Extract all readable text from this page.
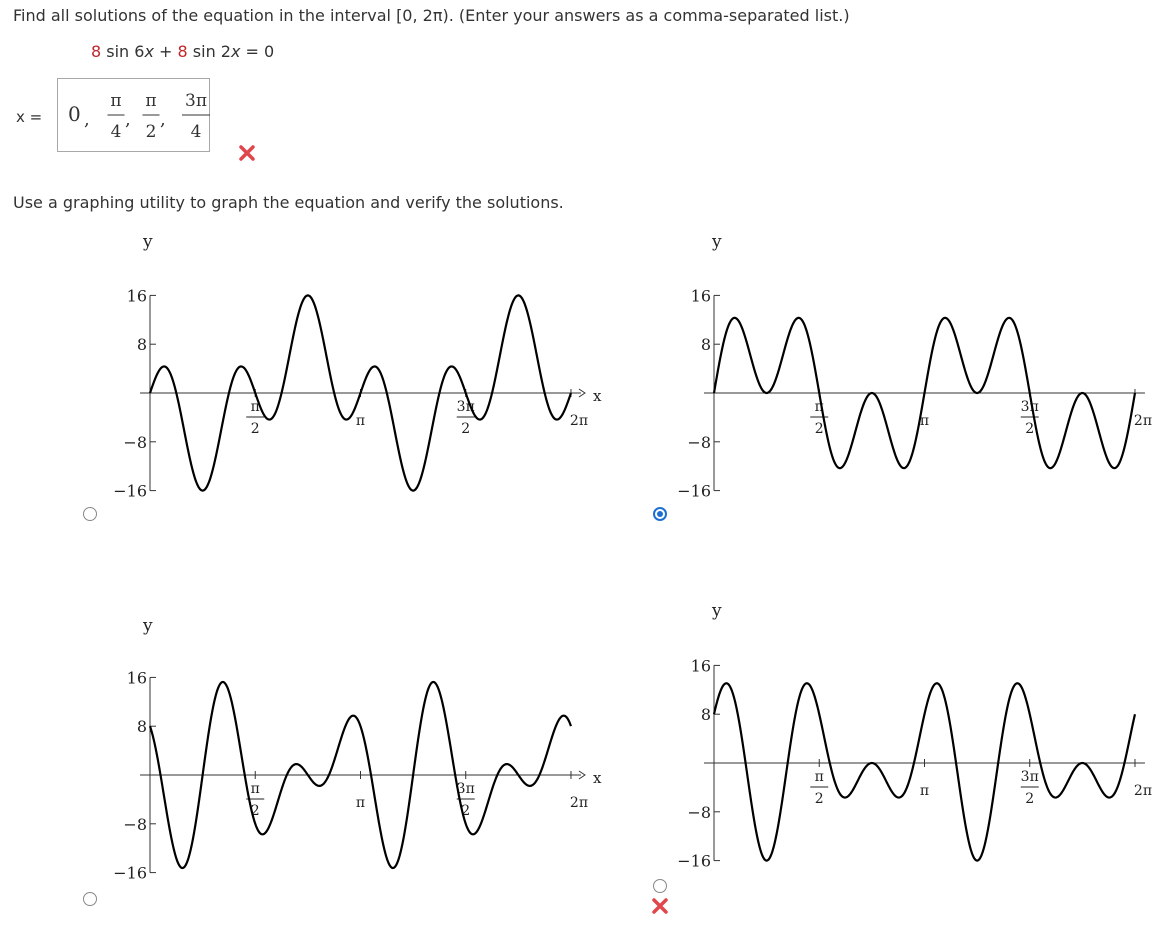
Find all solutions of the equation in the interval [0, 2π). (Enter your answers as a comma-separated list.)
8 sin 6x + 8 sin 2x = 0
x = 0 ,
π
4
,
π
2
,
3π
4
Use a graphing utility to graph the equation and verify the solutions.
y
x
16
8
−8
−16
π
2	π
3π
2	2π
y
16
8
−8
−16
π
2	π
3π
2	2π
y
x
16
8
−8
−16
π
2	π
3π
2	2π
y
16
8
−8
−16
π
2	π
3π
2	2π
